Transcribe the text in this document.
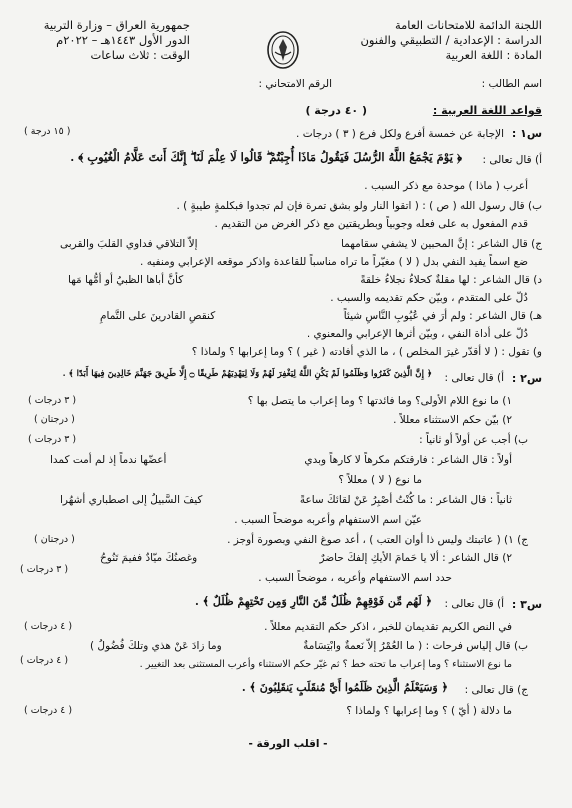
اللجنة الدائمة للامتحانات العامة
الدراسة : الإعدادية / التطبيقي والفنون
المادة : اللغة العربية
جمهورية العراق – وزارة التربية
الدور الأول ١٤٤٣هـ – ٢٠٢٢م
الوقت : ثلاث ساعات
اسم الطالب :
الرقم الامتحاني :
قواعد اللغة العربية :
( ٤٠ درجة )
س١ :
الإجابة عن خمسة أفرع ولكل فرع ( ٣ ) درجات .
( ١٥ درجة )
أ) قال تعالى :
﴿ يَوْمَ يَجْمَعُ اللَّهُ الرُّسُلَ فَيَقُولُ مَاذَا أُجِبْتُمْ ۖ قَالُوا لَا عِلْمَ لَنَا ۖ إِنَّكَ أَنتَ عَلَّامُ الْغُيُوبِ ﴾ .
أعرب ( ماذا ) موحدة مع ذكر السبب .
ب) قال رسول الله ( ص ) : ( اتقوا النار ولو بشق تمرة فإن لم تجدوا فبكلمةٍ طيبةٍ ) .
قدم المفعول به على فعله وجوبياً وبطريقتين مع ذكر الغرض من التقديم .
ج) قال الشاعر : إنَّ المحبين لا يشفي سقامهما
إلاّ التلاقي فداوي القلبَ والقربى
ضع اسماً يفيد النفي بدل ( لا ) مغيّراً ما تراه مناسباً للقاعدة واذكر موقعه الإعرابي ومنفيه .
د) قال الشاعر : لها مقلةٌ كحلاءُ نجلاءُ خلقةً
كأنَّ أباها الظبيُ أو أمُّها مَها
دُلّ على المتقدم ، وبيّن حكم تقديمه والسبب .
هـ) قال الشاعر : ولم أرَ في عُيُوبِ النَّاسِ شيئاً
كنقصِ القادرينَ على التَّمامِ
دُلّ على أداة النفي ، وبيّن أثرها الإعرابي والمعنوي .
و) تقول : ( لا أقدّر غيرَ المخلص ) ، ما الذي أفادته ( غير ) ؟ وما إعرابها ؟ ولماذا ؟
س٢ :
أ) قال تعالى :
﴿ إِنَّ الَّذِينَ كَفَرُوا وَظَلَمُوا لَمْ يَكُنِ اللَّهُ لِيَغْفِرَ لَهُمْ وَلَا لِيَهْدِيَهُمْ طَرِيقًا ۝ إِلَّا طَرِيقَ جَهَنَّمَ خَالِدِينَ فِيهَا أَبَدًا ﴾ .
١) ما نوع اللام الأولى؟ وما فائدتها ؟ وما إعراب ما يتصل بها ؟
( ٣ درجات )
٢) بيّن حكم الاستثناء معللاً .
( درجتان )
ب) أجب عن أولاً أو ثانياً :
( ٣ درجات )
أولاً : قال الشاعر : فارقتكم مكرهاً لا كارهاً وبدي
أعضّها ندماً إذ لم أمت كمدا
ما نوع ( لا ) معللاً ؟
ثانياً : قال الشاعر : ما كُنْتُ أصْبِرُ عَنْ لقائكَ ساعةً
كيفَ السَّبيلُ إلى اصطباري أشهُرا
عيّن اسم الاستفهام وأعربه موضحاً السبب .
ج) ١) ( عاتبتك وليس ذا أوان العتب ) ، أعد صوغ النفي وبصورة أوجز .
( درجتان )
٢) قال الشاعر : ألا يا حَمامَ الأيكِ إلفكَ حاضرٌ
وغصنُكَ ميّادٌ ففيمَ تَنُوحُ
( ٣ درجات )
حدد اسم الاستفهام وأعربه ، موضحاً السبب .
س٣ :
أ) قال تعالى :
﴿ لَهُم مِّن فَوْقِهِمْ ظُلَلٌ مِّنَ النَّارِ وَمِن تَحْتِهِمْ ظُلَلٌ ﴾ .
في النص الكريم تقديمان للخبر ، اذكر حكم التقديم معللاً .
( ٤ درجات )
ب) قال إلياس فرحات : ( ما العُمْرُ إلاّ نَعمةٌ وابْتِسَامةٌ
وما زادَ عَنْ هذي وتلكَ فُضُولُ )
ما نوع الاستثناء ؟ وما إعراب ما تحته خط ؟ ثم غيّر حكم الاستثناء وأعرب المستثنى بعد التغيير .
( ٤ درجات )
ج) قال تعالى :
﴿ وَسَيَعْلَمُ الَّذِينَ ظَلَمُوا أَيَّ مُنقَلَبٍ يَنقَلِبُونَ ﴾ .
ما دلالة ( أيّ ) ؟ وما إعرابها ؟ ولماذا ؟
( ٤ درجات )
- اقلب الورقة -
